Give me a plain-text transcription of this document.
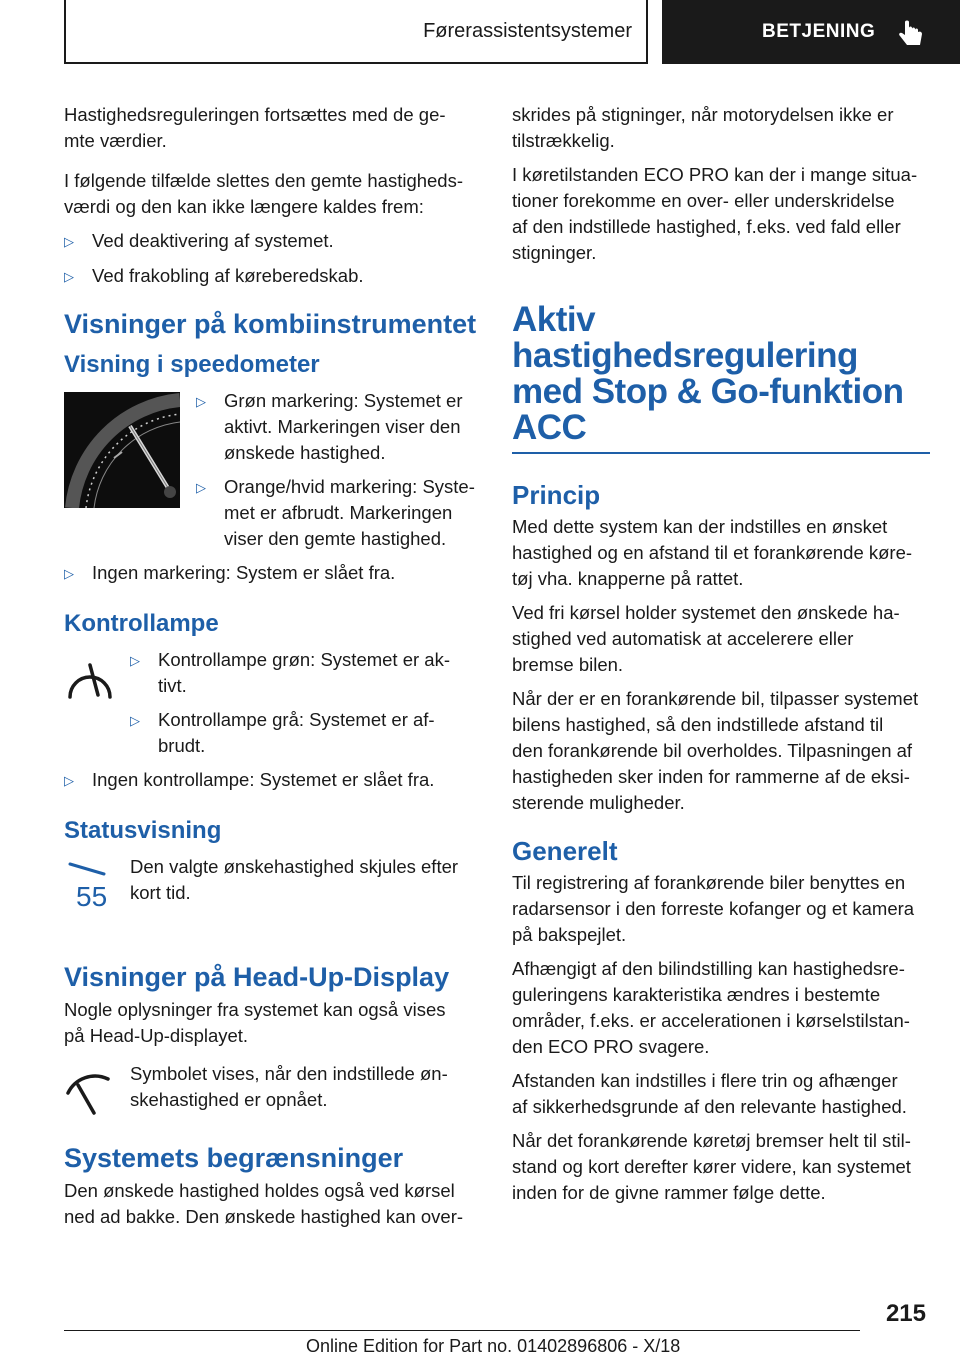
Førerassistentsystemer	BETJENING

Hastighedsreguleringen fortsættes med de ge-
mte værdier.

I følgende tilfælde slettes den gemte hastigheds-
værdi og den kan ikke længere kaldes frem:

▷
Ved deaktivering af systemet.
▷
Ved frakobling af køreberedskab.
Visninger på kombiinstrumentet
Visning i speedometer
▷
Grøn markering: Systemet er
aktivt. Markeringen viser den
ønskede hastighed.
▷
Orange/hvid markering: Syste-
met er afbrudt. Markeringen
viser den gemte hastighed.
▷
Ingen markering: System er slået fra.
Kontrollampe
▷
Kontrollampe grøn: Systemet er ak-
tivt.
▷
Kontrollampe grå: Systemet er af-
brudt.
▷
Ingen kontrollampe: Systemet er slået fra.
Statusvisning
55

Den valgte ønskehastighed skjules efter
kort tid.

Visninger på Head-Up-Display

Nogle oplysninger fra systemet kan også vises
på Head-Up-displayet.

Symbolet vises, når den indstillede øn-
skehastighed er opnået.

Systemets begrænsninger

Den ønskede hastighed holdes også ved kørsel
ned ad bakke. Den ønskede hastighed kan over-

skrides på stigninger, når motorydelsen ikke er
tilstrækkelig.

I køretilstanden ECO PRO kan der i mange situa-
tioner forekomme en over- eller underskridelse
af den indstillede hastighed, f.eks. ved fald eller
stigninger.

Aktiv hastighedsregulering
med Stop & Go-funktion
ACC
Princip

Med dette system kan der indstilles en ønsket
hastighed og en afstand til et forankørende køre-
tøj vha. knapperne på rattet.

Ved fri kørsel holder systemet den ønskede ha-
stighed ved automatisk at accelerere eller
bremse bilen.

Når der er en forankørende bil, tilpasser systemet
bilens hastighed, så den indstillede afstand til
den forankørende bil overholdes. Tilpasningen af
hastigheden sker inden for rammerne af de eksi-
sterende muligheder.

Generelt

Til registrering af forankørende biler benyttes en
radarsensor i den forreste kofanger og et kamera
på bakspejlet.

Afhængigt af den bilindstilling kan hastighedsre-
guleringens karakteristika ændres i bestemte
områder, f.eks. er accelerationen i kørselstilstan-
den ECO PRO svagere.

Afstanden kan indstilles i flere trin og afhænger
af sikkerhedsgrunde af den relevante hastighed.

Når det forankørende køretøj bremser helt til stil-
stand og kort derefter kører videre, kan systemet
inden for de givne rammer følge dette.

215
Online Edition for Part no. 01402896806 - X/18
